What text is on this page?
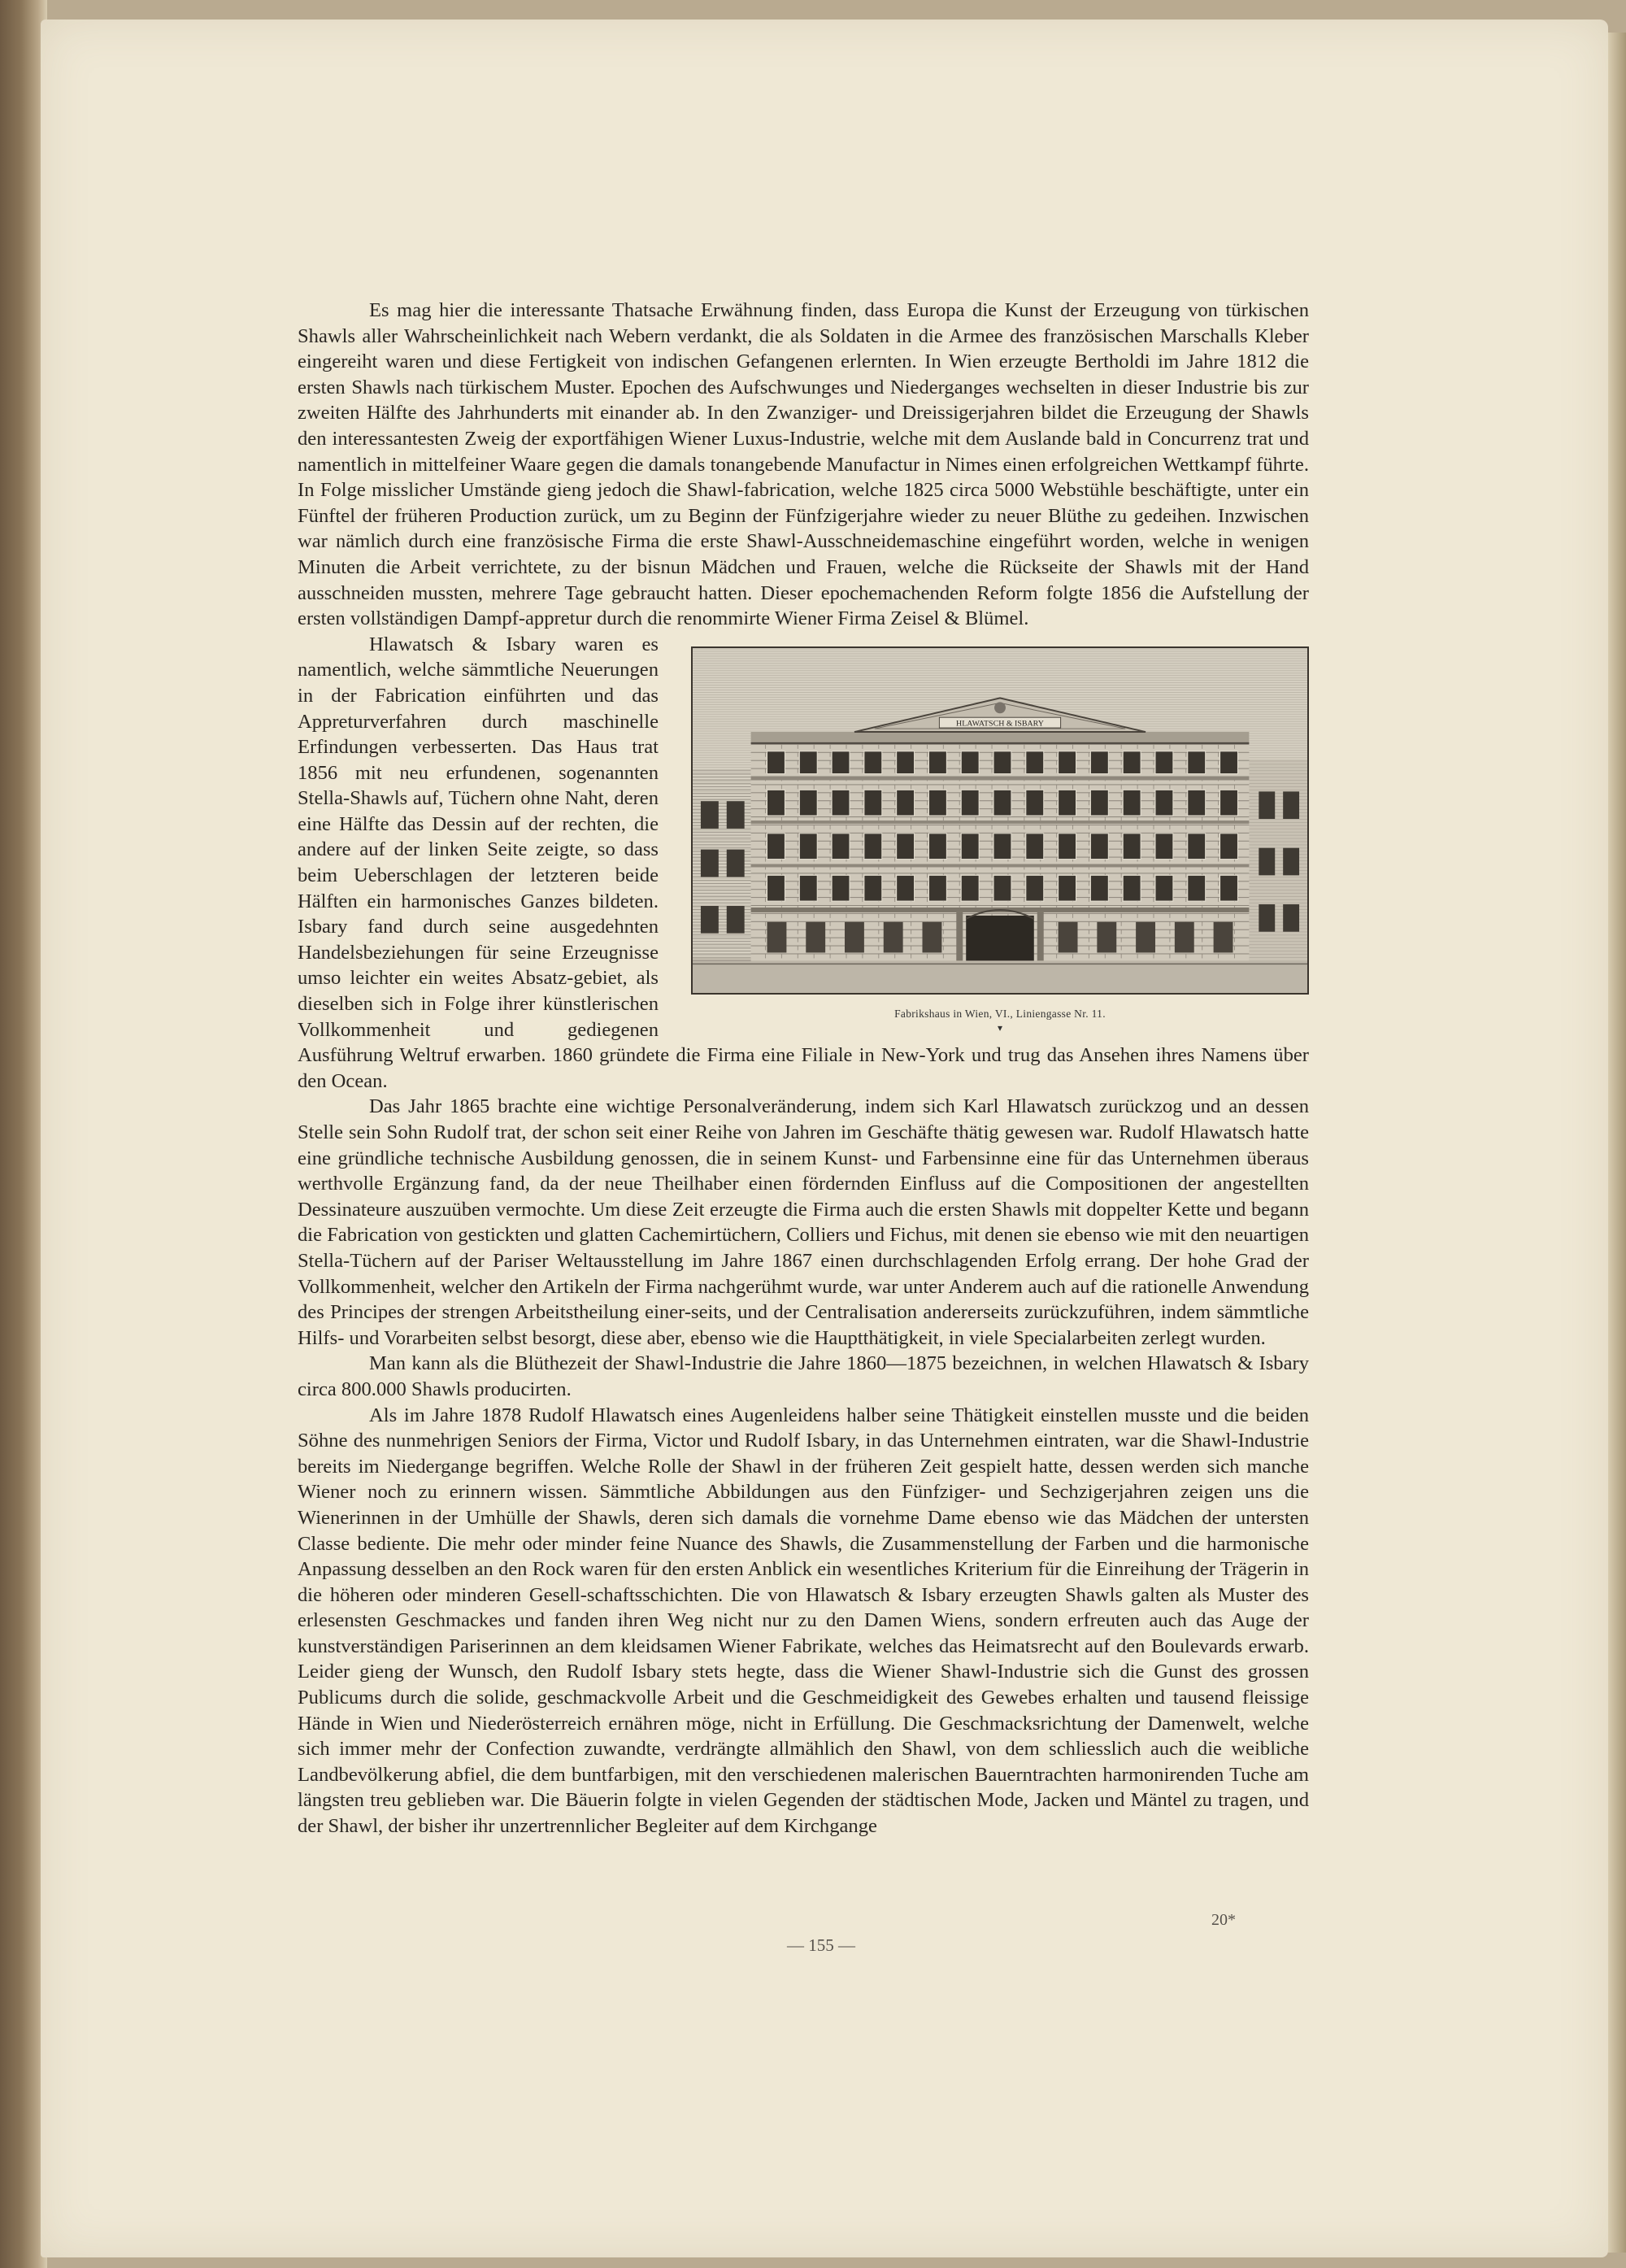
Es mag hier die interessante Thatsache Erwähnung finden, dass Europa die Kunst der Erzeugung von türkischen Shawls aller Wahrscheinlichkeit nach Webern verdankt, die als Soldaten in die Armee des französischen Marschalls Kleber eingereiht waren und diese Fertigkeit von indischen Gefangenen erlernten. In Wien erzeugte Bertholdi im Jahre 1812 die ersten Shawls nach türkischem Muster. Epochen des Aufschwunges und Niederganges wechselten in dieser Industrie bis zur zweiten Hälfte des Jahrhunderts mit einander ab. In den Zwanziger- und Dreissigerjahren bildet die Erzeugung der Shawls den interessantesten Zweig der exportfähigen Wiener Luxus-Industrie, welche mit dem Auslande bald in Concurrenz trat und namentlich in mittelfeiner Waare gegen die damals tonangebende Manufactur in Nimes einen erfolgreichen Wettkampf führte. In Folge misslicher Umstände gieng jedoch die Shawl-fabrication, welche 1825 circa 5000 Webstühle beschäftigte, unter ein Fünftel der früheren Production zurück, um zu Beginn der Fünfzigerjahre wieder zu neuer Blüthe zu gedeihen. Inzwischen war nämlich durch eine französische Firma die erste Shawl-Ausschneidemaschine eingeführt worden, welche in wenigen Minuten die Arbeit verrichtete, zu der bisnun Mädchen und Frauen, welche die Rückseite der Shawls mit der Hand ausschneiden mussten, mehrere Tage gebraucht hatten. Dieser epochemachenden Reform folgte 1856 die Aufstellung der ersten vollständigen Dampf-appretur durch die renommirte Wiener Firma Zeisel & Blümel.

HLAWATSCH & ISBARY
Fabrikshaus in Wien, VI., Liniengasse Nr. 11.
▾

Hlawatsch & Isbary waren es namentlich, welche sämmtliche Neuerungen in der Fabrication einführten und das Appreturverfahren durch maschinelle Erfindungen verbesserten. Das Haus trat 1856 mit neu erfundenen, sogenannten Stella-Shawls auf, Tüchern ohne Naht, deren eine Hälfte das Dessin auf der rechten, die andere auf der linken Seite zeigte, so dass beim Ueberschlagen der letzteren beide Hälften ein harmonisches Ganzes bildeten. Isbary fand durch seine ausgedehnten Handelsbeziehungen für seine Erzeugnisse umso leichter ein weites Absatz-gebiet, als dieselben sich in Folge ihrer künstlerischen Vollkommenheit und gediegenen Ausführung Weltruf erwarben. 1860 gründete die Firma eine Filiale in New-York und trug das Ansehen ihres Namens über den Ocean.

Das Jahr 1865 brachte eine wichtige Personalveränderung, indem sich Karl Hlawatsch zurückzog und an dessen Stelle sein Sohn Rudolf trat, der schon seit einer Reihe von Jahren im Geschäfte thätig gewesen war. Rudolf Hlawatsch hatte eine gründliche technische Ausbildung genossen, die in seinem Kunst- und Farbensinne eine für das Unternehmen überaus werthvolle Ergänzung fand, da der neue Theilhaber einen fördernden Einfluss auf die Compositionen der angestellten Dessinateure auszuüben vermochte. Um diese Zeit erzeugte die Firma auch die ersten Shawls mit doppelter Kette und begann die Fabrication von gestickten und glatten Cachemirtüchern, Colliers und Fichus, mit denen sie ebenso wie mit den neuartigen Stella-Tüchern auf der Pariser Weltausstellung im Jahre 1867 einen durchschlagenden Erfolg errang. Der hohe Grad der Vollkommenheit, welcher den Artikeln der Firma nachgerühmt wurde, war unter Anderem auch auf die rationelle Anwendung des Principes der strengen Arbeitstheilung einer-seits, und der Centralisation andererseits zurückzuführen, indem sämmtliche Hilfs- und Vorarbeiten selbst besorgt, diese aber, ebenso wie die Hauptthätigkeit, in viele Specialarbeiten zerlegt wurden.

Man kann als die Blüthezeit der Shawl-Industrie die Jahre 1860—1875 bezeichnen, in welchen Hlawatsch & Isbary circa 800.000 Shawls producirten.

Als im Jahre 1878 Rudolf Hlawatsch eines Augenleidens halber seine Thätigkeit einstellen musste und die beiden Söhne des nunmehrigen Seniors der Firma, Victor und Rudolf Isbary, in das Unternehmen eintraten, war die Shawl-Industrie bereits im Niedergange begriffen. Welche Rolle der Shawl in der früheren Zeit gespielt hatte, dessen werden sich manche Wiener noch zu erinnern wissen. Sämmtliche Abbildungen aus den Fünfziger- und Sechzigerjahren zeigen uns die Wienerinnen in der Umhülle der Shawls, deren sich damals die vornehme Dame ebenso wie das Mädchen der untersten Classe bediente. Die mehr oder minder feine Nuance des Shawls, die Zusammenstellung der Farben und die harmonische Anpassung desselben an den Rock waren für den ersten Anblick ein wesentliches Kriterium für die Einreihung der Trägerin in die höheren oder minderen Gesell-schaftsschichten. Die von Hlawatsch & Isbary erzeugten Shawls galten als Muster des erlesensten Geschmackes und fanden ihren Weg nicht nur zu den Damen Wiens, sondern erfreuten auch das Auge der kunstverständigen Pariserinnen an dem kleidsamen Wiener Fabrikate, welches das Heimatsrecht auf den Boulevards erwarb. Leider gieng der Wunsch, den Rudolf Isbary stets hegte, dass die Wiener Shawl-Industrie sich die Gunst des grossen Publicums durch die solide, geschmackvolle Arbeit und die Geschmeidigkeit des Gewebes erhalten und tausend fleissige Hände in Wien und Niederösterreich ernähren möge, nicht in Erfüllung. Die Geschmacksrichtung der Damenwelt, welche sich immer mehr der Confection zuwandte, verdrängte allmählich den Shawl, von dem schliesslich auch die weibliche Landbevölkerung abfiel, die dem buntfarbigen, mit den verschiedenen malerischen Bauerntrachten harmonirenden Tuche am längsten treu geblieben war. Die Bäuerin folgte in vielen Gegenden der städtischen Mode, Jacken und Mäntel zu tragen, und der Shawl, der bisher ihr unzertrennlicher Begleiter auf dem Kirchgange

20*
— 155 —
